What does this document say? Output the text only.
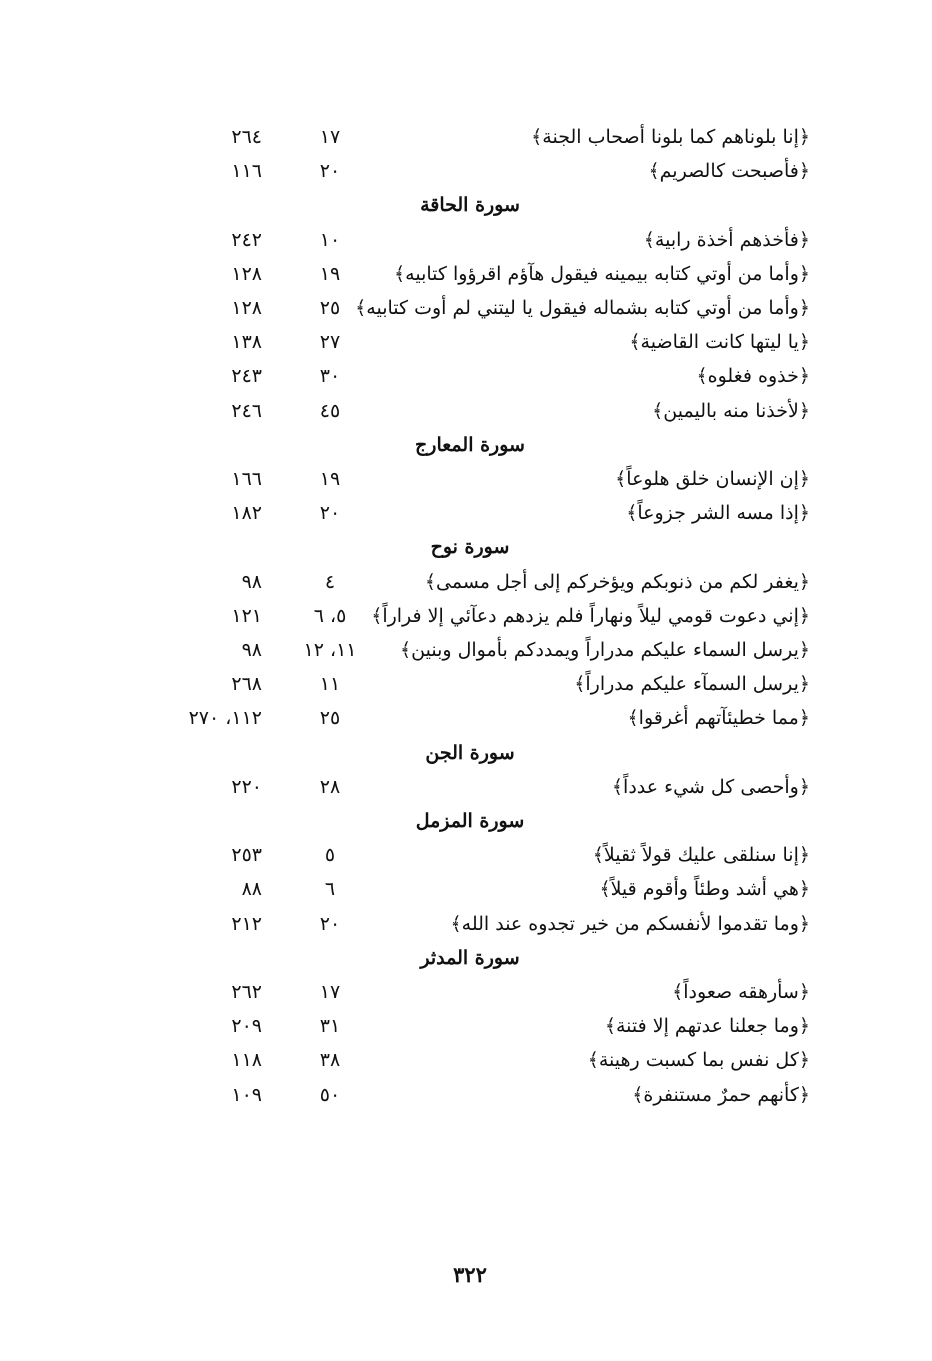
﴿إنا بلوناهم كما بلونا أصحاب الجنة﴾
١٧
٢٦٤
﴿فأصبحت كالصريم﴾
٢٠
١١٦
سورة الحاقة
﴿فأخذهم أخذة رابية﴾
١٠
٢٤٢
﴿وأما من أوتي كتابه بيمينه فيقول هآؤم اقرؤوا كتابيه﴾
١٩
١٢٨
﴿وأما من أوتي كتابه بشماله فيقول يا ليتني لم أوت كتابيه﴾
٢٥
١٢٨
﴿يا ليتها كانت القاضية﴾
٢٧
١٣٨
﴿خذوه فغلوه﴾
٣٠
٢٤٣
﴿لأخذنا منه باليمين﴾
٤٥
٢٤٦
سورة المعارج
﴿إن الإنسان خلق هلوعاً﴾
١٩
١٦٦
﴿إذا مسه الشر جزوعاً﴾
٢٠
١٨٢
سورة نوح
﴿يغفر لكم من ذنوبكم ويؤخركم إلى أجل مسمى﴾
٤
٩٨
﴿إني دعوت قومي ليلاً ونهاراً فلم يزدهم دعآئي إلا فراراً﴾
٥، ٦
١٢١
﴿يرسل السماء عليكم مدراراً ويمددكم بأموال وبنين﴾
١١، ١٢
٩٨
﴿يرسل السمآء عليكم مدراراً﴾
١١
٢٦٨
﴿مما خطيئآتهم أغرقوا﴾
٢٥
١١٢، ٢٧٠
سورة الجن
﴿وأحصى كل شيء عدداً﴾
٢٨
٢٢٠
سورة المزمل
﴿إنا سنلقى عليك قولاً ثقيلاً﴾
٥
٢٥٣
﴿هي أشد وطئاً وأقوم قيلاً﴾
٦
٨٨
﴿وما تقدموا لأنفسكم من خير تجدوه عند الله﴾
٢٠
٢١٢
سورة المدثر
﴿سأرهقه صعوداً﴾
١٧
٢٦٢
﴿وما جعلنا عدتهم إلا فتنة﴾
٣١
٢٠٩
﴿كل نفس بما كسبت رهينة﴾
٣٨
١١٨
﴿كأنهم حمرٌ مستنفرة﴾
٥٠
١٠٩
٣٢٢
